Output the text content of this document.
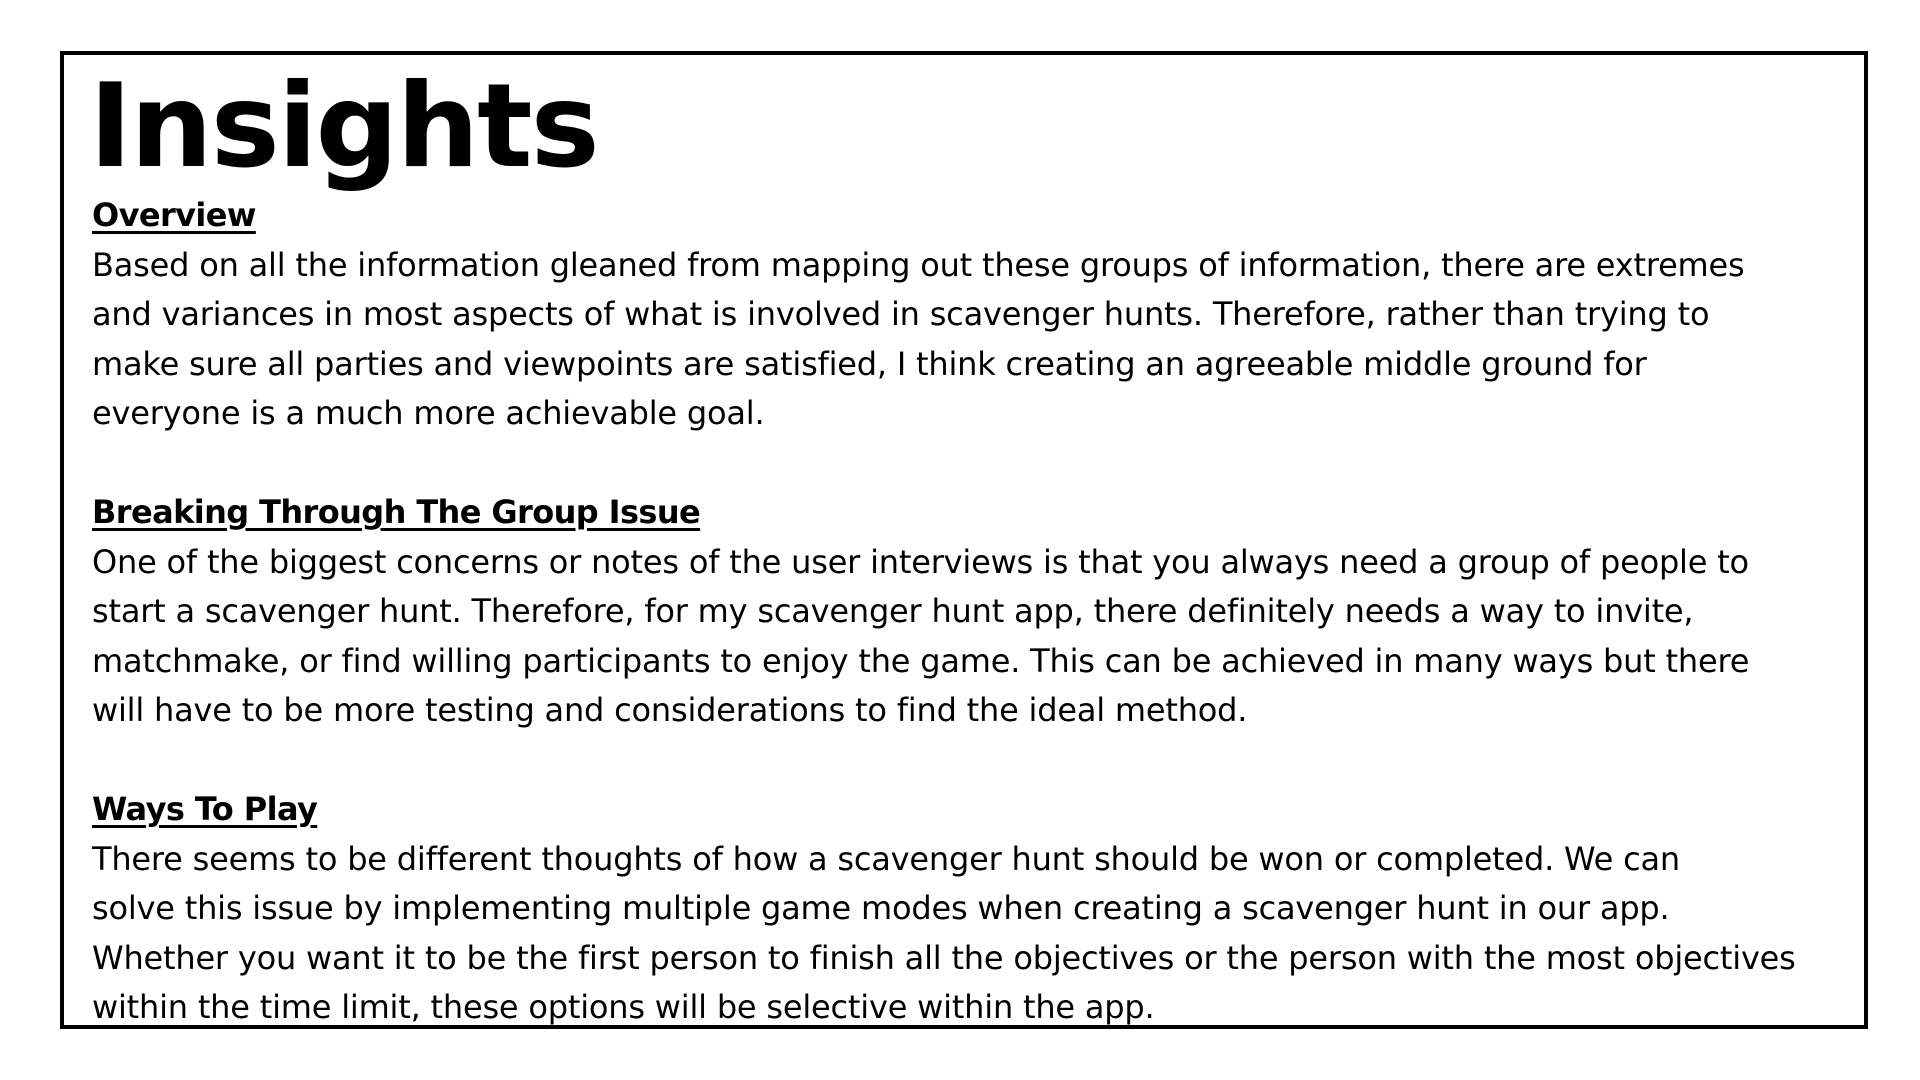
Insights
Overview
Based on all the information gleaned from mapping out these groups of information, there are extremes
and variances in most aspects of what is involved in scavenger hunts. Therefore, rather than trying to
make sure all parties and viewpoints are satisfied, I think creating an agreeable middle ground for
everyone is a much more achievable goal.
Breaking Through The Group Issue
One of the biggest concerns or notes of the user interviews is that you always need a group of people to
start a scavenger hunt. Therefore, for my scavenger hunt app, there definitely needs a way to invite,
matchmake, or find willing participants to enjoy the game. This can be achieved in many ways but there
will have to be more testing and considerations to find the ideal method.
Ways To Play
There seems to be different thoughts of how a scavenger hunt should be won or completed. We can
solve this issue by implementing multiple game modes when creating a scavenger hunt in our app.
Whether you want it to be the first person to finish all the objectives or the person with the most objectives
within the time limit, these options will be selective within the app.
